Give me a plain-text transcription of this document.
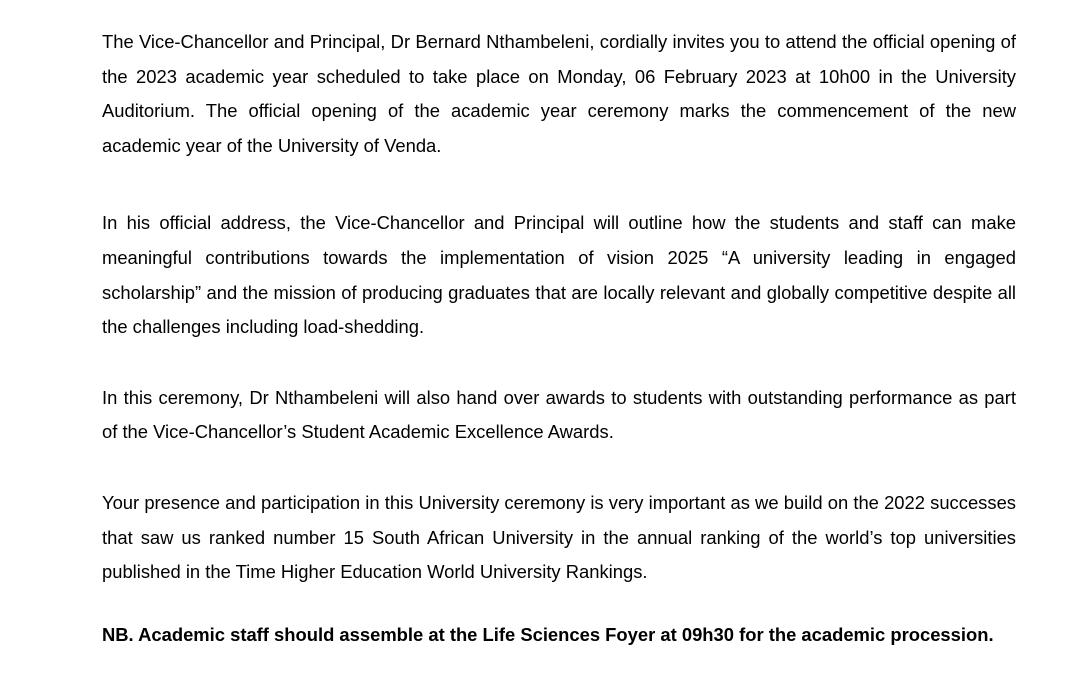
The Vice-Chancellor and Principal, Dr Bernard Nthambeleni, cordially invites you to attend the official opening of the 2023 academic year scheduled to take place on Monday, 06 February 2023 at 10h00 in the University Auditorium. The official opening of the academic year ceremony marks the commencement of the new academic year of the University of Venda.

In his official address, the Vice-Chancellor and Principal will outline how the students and staff can make meaningful contributions towards the implementation of vision 2025 “A university leading in engaged scholarship” and the mission of producing graduates that are locally relevant and globally competitive despite all the challenges including load-shedding.

In this ceremony, Dr Nthambeleni will also hand over awards to students with outstanding performance as part of the Vice-Chancellor’s Student Academic Excellence Awards.

Your presence and participation in this University ceremony is very important as we build on the 2022 successes that saw us ranked number 15 South African University in the annual ranking of the world’s top universities published in the Time Higher Education World University Rankings.

NB. Academic staff should assemble at the Life Sciences Foyer at 09h30 for the academic procession.
